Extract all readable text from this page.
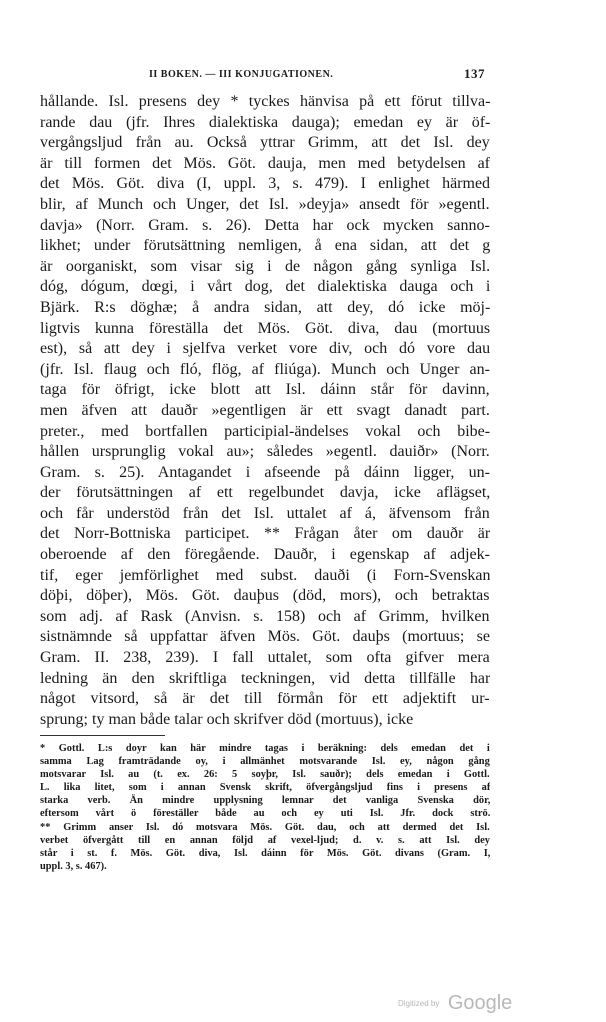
II BOKEN. — III KONJUGATIONEN.	137
hållande. Isl. presens dey * tyckes hänvisa på ett förut tillva-
rande dau (jfr. Ihres dialektiska dauga); emedan ey är öf-
vergångsljud från au. Också yttrar Grimm, att det Isl. dey
är till formen det Mös. Göt. dauja, men med betydelsen af
det Mös. Göt. diva (I, uppl. 3, s. 479). I enlighet härmed
blir, af Munch och Unger, det Isl. »deyja» ansedt för »egentl.
davja» (Norr. Gram. s. 26). Detta har ock mycken sanno-
likhet; under förutsättning nemligen, å ena sidan, att det g
är oorganiskt, som visar sig i de någon gång synliga Isl.
dóg, dógum, dœgi, i vårt dog, det dialektiska dauga och i
Bjärk. R:s döghæ; å andra sidan, att dey, dó icke möj-
ligtvis kunna föreställa det Mös. Göt. diva, dau (mortuus
est), så att dey i sjelfva verket vore div, och dó vore dau
(jfr. Isl. flaug och fló, flög, af fliúga). Munch och Unger an-
taga för öfrigt, icke blott att Isl. dáinn står för davinn,
men äfven att dauðr »egentligen är ett svagt danadt part.
preter., med bortfallen participial-ändelses vokal och bibe-
hållen ursprunglig vokal au»; således »egentl. dauiðr» (Norr.
Gram. s. 25). Antagandet i afseende på dáinn ligger, un-
der förutsättningen af ett regelbundet davja, icke aflägset,
och får understöd från det Isl. uttalet af á, äfvensom från
det Norr-Bottniska participet. ** Frågan åter om dauðr är
oberoende af den föregående. Dauðr, i egenskap af adjek-
tif, eger jemförlighet med subst. dauði (i Forn-Svenskan
döþi, döþer), Mös. Göt. dauþus (död, mors), och betraktas
som adj. af Rask (Anvisn. s. 158) och af Grimm, hvilken
sistnämnde så uppfattar äfven Mös. Göt. dauþs (mortuus; se
Gram. II. 238, 239). I fall uttalet, som ofta gifver mera
ledning än den skriftliga teckningen, vid detta tillfälle har
något vitsord, så är det till förmån för ett adjektift ur-
sprung; ty man både talar och skrifver död (mortuus), icke
* Gottl. L:s doyr kan här mindre tagas i beräkning: dels emedan det i
samma Lag framträdande oy, i allmänhet motsvarande Isl. ey, någon gång
motsvarar Isl. au (t. ex. 26: 5 soyþr, Isl. sauðr); dels emedan i Gottl.
L. lika litet, som i annan Svensk skrift, öfvergångsljud fins i presens af
starka verb. Än mindre upplysning lemnar det vanliga Svenska dör,
eftersom vårt ö föreställer både au och ey uti Isl. Jfr. dock strö.
** Grimm anser Isl. dó motsvara Mös. Göt. dau, och att dermed det Isl.
verbet öfvergått till en annan följd af vexel-ljud; d. v. s. att Isl. dey
står i st. f. Mös. Göt. diva, Isl. dáinn för Mös. Göt. divans (Gram. I,
uppl. 3, s. 467).
Digitized by Google
